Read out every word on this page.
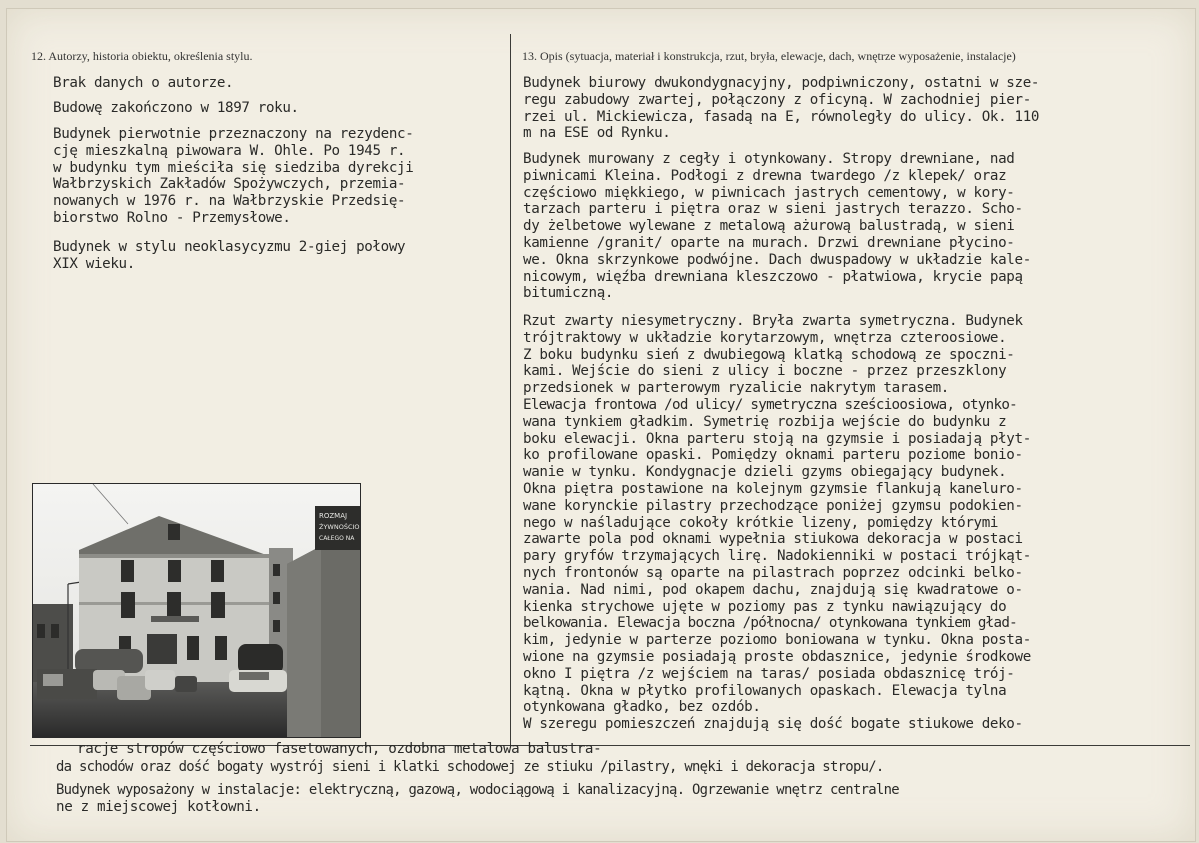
12. Autorzy, historia obiektu, określenia stylu.	13. Opis (sytuacja, materiał i konstrukcja, rzut, bryła, elewacje, dach, wnętrze wyposażenie, instalacje)
Brak danych o autorze.
Budowę zakończono w 1897 roku.
Budynek pierwotnie przeznaczony na rezydenc-
cję mieszkalną piwowara W. Ohle. Po 1945 r.
w budynku tym mieściła się siedziba dyrekcji
Wałbrzyskich Zakładów Spożywczych, przemia-
nowanych w 1976 r. na Wałbrzyskie Przedsię-
biorstwo Rolno - Przemysłowe.
Budynek w stylu neoklasycyzmu 2-giej połowy
XIX wieku.
ROZMAJ
ŻYWNOŚCIO
CAŁEGO NA
Budynek biurowy dwukondygnacyjny, podpiwniczony, ostatni w sze-
regu zabudowy zwartej, połączony z oficyną. W zachodniej pier-
rzei ul. Mickiewicza, fasadą na E, równoległy do ulicy. Ok. 110
m na ESE od Rynku.
Budynek murowany z cegły i otynkowany. Stropy drewniane, nad
piwnicami Kleina. Podłogi z drewna twardego /z klepek/ oraz
częściowo miękkiego, w piwnicach jastrych cementowy, w kory-
tarzach parteru i piętra oraz w sieni jastrych terazzo. Scho-
dy żelbetowe wylewane z metalową ażurową balustradą, w sieni
kamienne /granit/ oparte na murach. Drzwi drewniane płycino-
we. Okna skrzynkowe podwójne. Dach dwuspadowy w układzie kale-
nicowym, więźba drewniana kleszczowo - płatwiowa, krycie papą
bitumiczną.
Rzut zwarty niesymetryczny. Bryła zwarta symetryczna. Budynek
trójtraktowy w układzie korytarzowym, wnętrza czteroosiowe.
Z boku budynku sień z dwubiegową klatką schodową ze spoczni-
kami. Wejście do sieni z ulicy i boczne - przez przeszklony
przedsionek w parterowym ryzalicie nakrytym tarasem.
Elewacja frontowa /od ulicy/ symetryczna sześcioosiowa, otynko-
wana tynkiem gładkim. Symetrię rozbija wejście do budynku z
boku elewacji. Okna parteru stoją na gzymsie i posiadają płyt-
ko profilowane opaski. Pomiędzy oknami parteru poziome bonio-
wanie w tynku. Kondygnacje dzieli gzyms obiegający budynek.
Okna piętra postawione na kolejnym gzymsie flankują kaneluro-
wane korynckie pilastry przechodzące poniżej gzymsu podokien-
nego w naśladujące cokoły krótkie lizeny, pomiędzy którymi
zawarte pola pod oknami wypełnia stiukowa dekoracja w postaci
pary gryfów trzymających lirę. Nadokienniki w postaci trójkąt-
nych frontonów są oparte na pilastrach poprzez odcinki belko-
wania. Nad nimi, pod okapem dachu, znajdują się kwadratowe o-
kienka strychowe ujęte w poziomy pas z tynku nawiązujący do
belkowania. Elewacja boczna /północna/ otynkowana tynkiem gład-
kim, jedynie w parterze poziomo boniowana w tynku. Okna posta-
wione na gzymsie posiadają proste obdasznice, jedynie środkowe
okno I piętra /z wejściem na taras/ posiada obdasznicę trój-
kątną. Okna w płytko profilowanych opaskach. Elewacja tylna
otynkowana gładko, bez ozdób.
W szeregu pomieszczeń znajdują się dość bogate stiukowe deko-
racje stropów częściowo fasetowanych, ozdobna metalowa balustra-
da schodów oraz dość bogaty wystrój sieni i klatki schodowej ze stiuku /pilastry, wnęki i dekoracja stropu/.
Budynek wyposażony w instalacje: elektryczną, gazową, wodociągową i kanalizacyjną. Ogrzewanie wnętrz centralne
ne z miejscowej kotłowni.
